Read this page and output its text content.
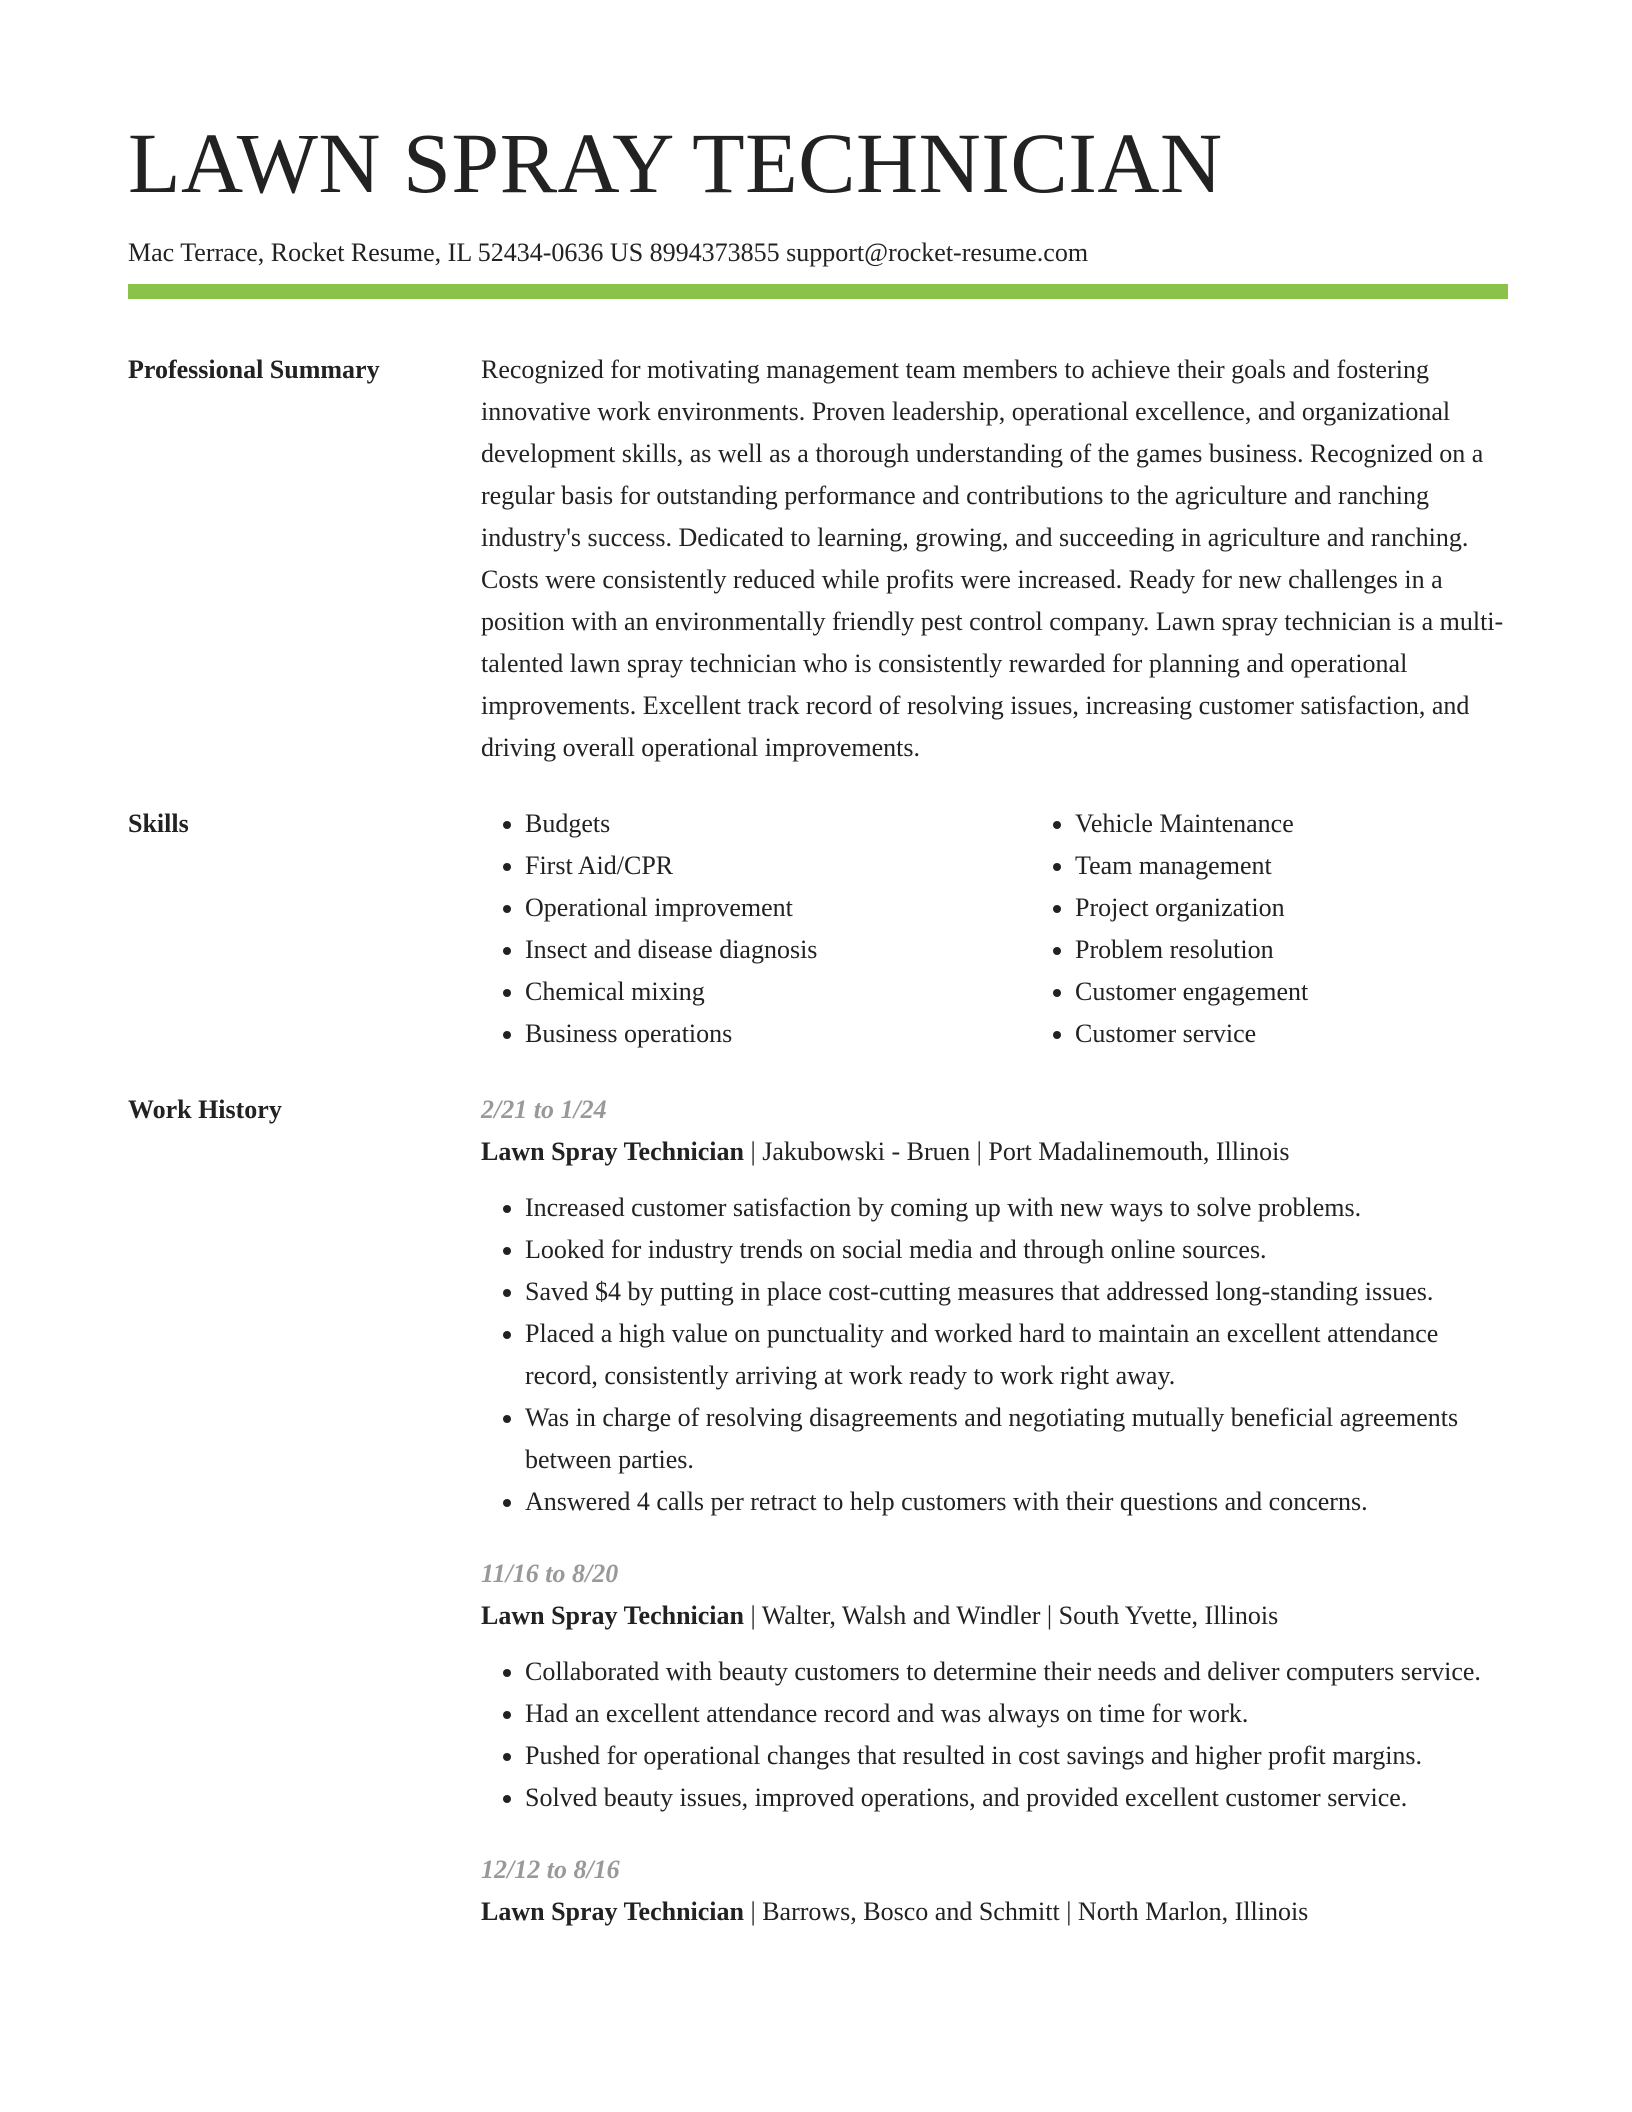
LAWN SPRAY TECHNICIAN
Mac Terrace, Rocket Resume, IL 52434-0636 US 8994373855 support@rocket-resume.com
Professional Summary	Recognized for motivating management team members to achieve their goals and fostering innovative work environments. Proven leadership, operational excellence, and organizational development skills, as well as a thorough understanding of the games business. Recognized on a regular basis for outstanding performance and contributions to the agriculture and ranching industry's success. Dedicated to learning, growing, and succeeding in agriculture and ranching. Costs were consistently reduced while profits were increased. Ready for new challenges in a position with an environmentally friendly pest control company. Lawn spray technician is a multi-talented lawn spray technician who is consistently rewarded for planning and operational improvements. Excellent track record of resolving issues, increasing customer satisfaction, and driving overall operational improvements.

Skills
•	Budgets
• First Aid/CPR
• Operational improvement
• Insect and disease diagnosis
• Chemical mixing
• Business operations
• Vehicle Maintenance
• Team management
• Project organization
• Problem resolution
• Customer engagement
• Customer service
Work History	2/21 to 1/24
Lawn Spray Technician | Jakubowski - Bruen | Port Madalinemouth, Illinois
• Increased customer satisfaction by coming up with new ways to solve problems.
• Looked for industry trends on social media and through online sources.
• Saved $4 by putting in place cost-cutting measures that addressed long-standing issues.
• Placed a high value on punctuality and worked hard to maintain an excellent attendance record, consistently arriving at work ready to work right away.
• Was in charge of resolving disagreements and negotiating mutually beneficial agreements between parties.
• Answered 4 calls per retract to help customers with their questions and concerns.
11/16 to 8/20
Lawn Spray Technician | Walter, Walsh and Windler | South Yvette, Illinois
• Collaborated with beauty customers to determine their needs and deliver computers service.
• Had an excellent attendance record and was always on time for work.
• Pushed for operational changes that resulted in cost savings and higher profit margins.
• Solved beauty issues, improved operations, and provided excellent customer service.
12/12 to 8/16
Lawn Spray Technician | Barrows, Bosco and Schmitt | North Marlon, Illinois
